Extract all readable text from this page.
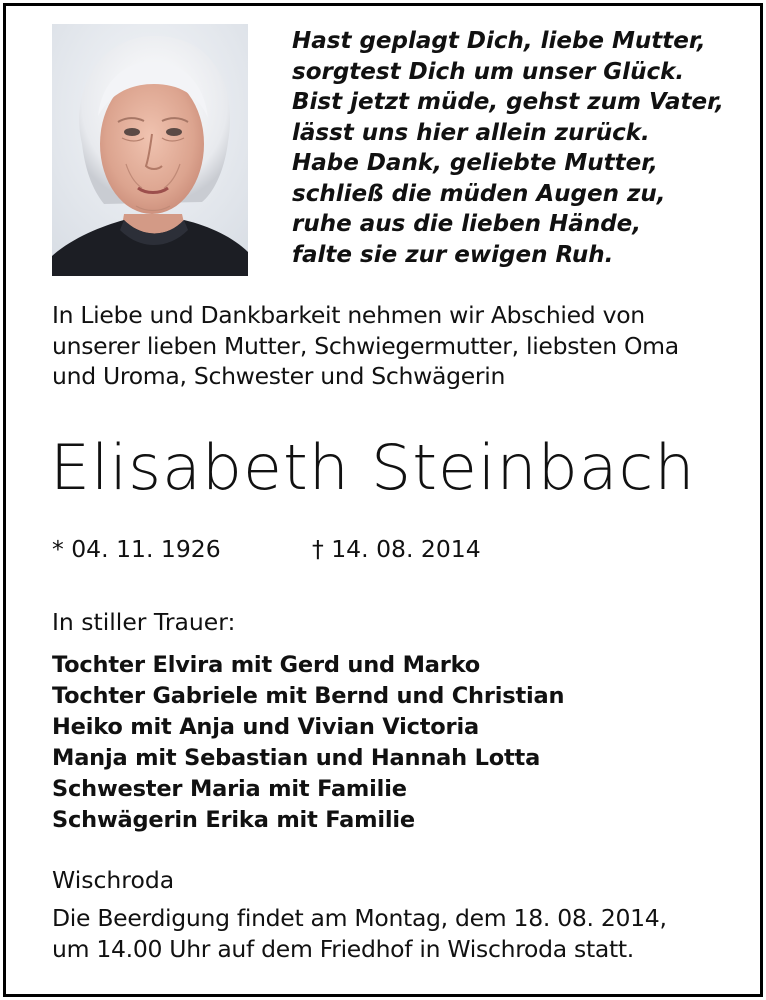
Hast geplagt Dich, liebe Mutter,
sorgtest Dich um unser Glück.
Bist jetzt müde, gehst zum Vater,
lässt uns hier allein zurück.
Habe Dank, geliebte Mutter,
schließ die müden Augen zu,
ruhe aus die lieben Hände,
falte sie zur ewigen Ruh.
In Liebe und Dankbarkeit nehmen wir Abschied von
unserer lieben Mutter, Schwiegermutter, liebsten Oma
und Uroma, Schwester und Schwägerin
Elisabeth Steinbach
* 04. 11. 1926	† 14. 08. 2014
In stiller Trauer:
Tochter Elvira mit Gerd und Marko
Tochter Gabriele mit Bernd und Christian
Heiko mit Anja und Vivian Victoria
Manja mit Sebastian und Hannah Lotta
Schwester Maria mit Familie
Schwägerin Erika mit Familie
Wischroda
Die Beerdigung findet am Montag, dem 18. 08. 2014,
um 14.00 Uhr auf dem Friedhof in Wischroda statt.
